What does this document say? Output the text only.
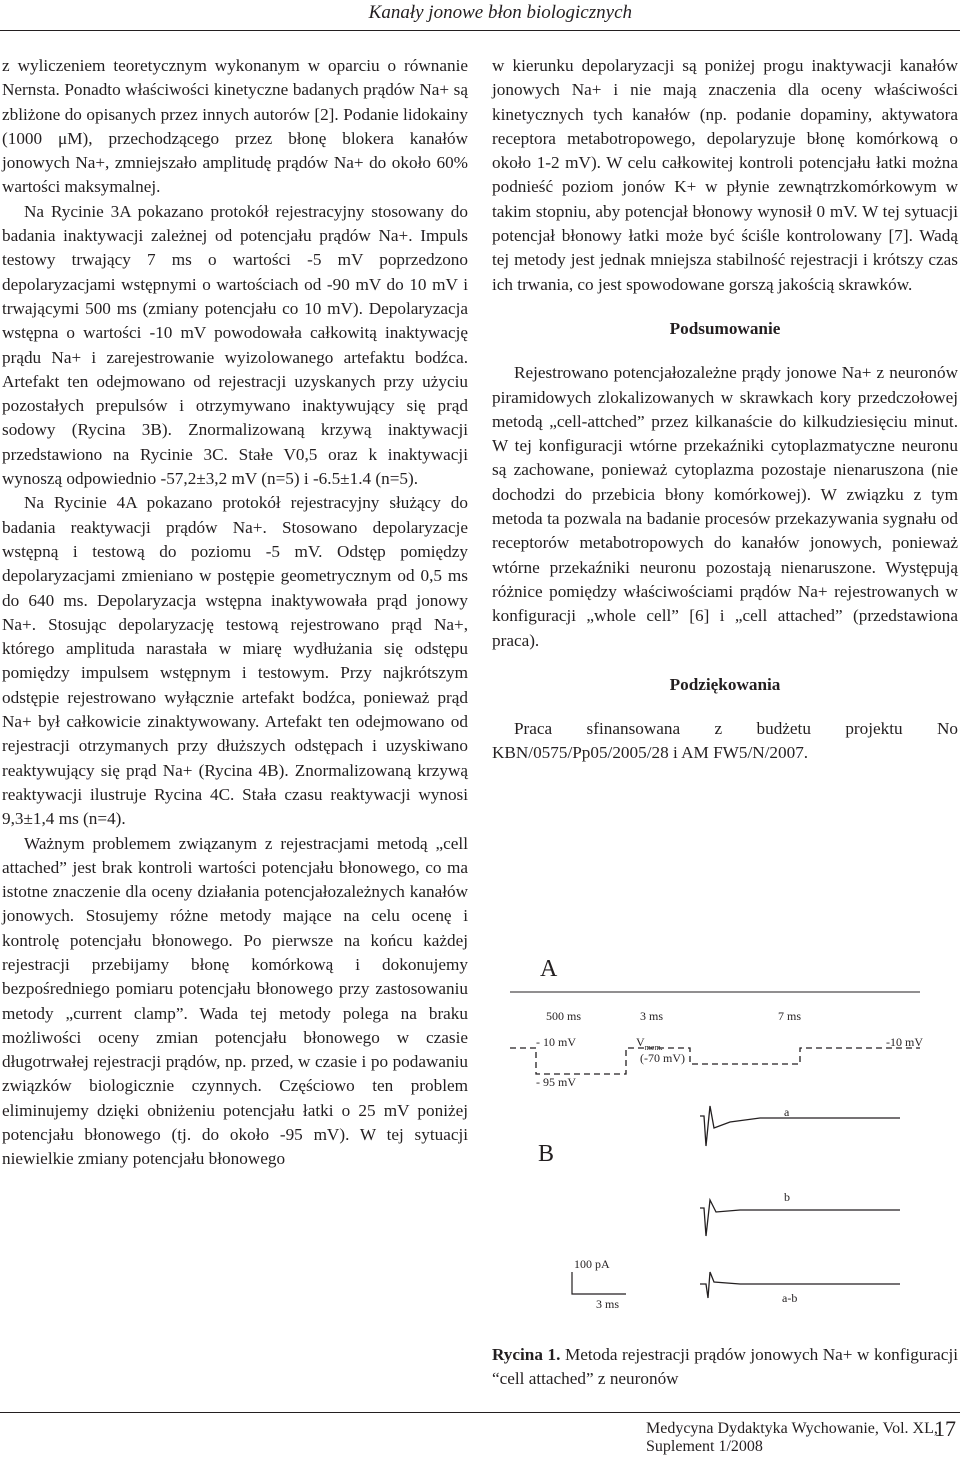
Kanały jonowe błon biologicznych

z wyliczeniem teoretycznym wykonanym w oparciu o równanie Nernsta. Ponadto właściwości kinetyczne badanych prądów Na+ są zbliżone do opisanych przez innych autorów [2]. Podanie lidokainy (1000 μM), przechodzącego przez błonę blokera kanałów jonowych Na+, zmniejszało amplitudę prądów Na+ do około 60% wartości maksymalnej.

Na Rycinie 3A pokazano protokół rejestracyjny stosowany do badania inaktywacji zależnej od potencjału prądów Na+. Impuls testowy trwający 7 ms o wartości -5 mV poprzedzono depolaryzacjami wstępnymi o wartościach od -90 mV do 10 mV i trwającymi 500 ms (zmiany potencjału co 10 mV). Depolaryzacja wstępna o wartości -10 mV powodowała całkowitą inaktywację prądu Na+ i zarejestrowanie wyizolowanego artefaktu bodźca. Artefakt ten odejmowano od rejestracji uzyskanych przy użyciu pozostałych prepulsów i otrzymywano inaktywujący się prąd sodowy (Rycina 3B). Znormalizowaną krzywą inaktywacji przedstawiono na Rycinie 3C. Stałe V0,5 oraz k inaktywacji wynoszą odpowiednio -57,2±3,2 mV (n=5) i -6.5±1.4 (n=5).

Na Rycinie 4A pokazano protokół rejestracyjny służący do badania reaktywacji prądów Na+. Stosowano depolaryzacje wstępną i testową do poziomu -5 mV. Odstęp pomiędzy depolaryzacjami zmieniano w postępie geometrycznym od 0,5 ms do 640 ms. Depolaryzacja wstępna inaktywowała prąd jonowy Na+. Stosując depolaryzację testową rejestrowano prąd Na+, którego amplituda narastała w miarę wydłużania się odstępu pomiędzy impulsem wstępnym i testowym. Przy najkrótszym odstępie rejestrowano wyłącznie artefakt bodźca, ponieważ prąd Na+ był całkowicie zinaktywowany. Artefakt ten odejmowano od rejestracji otrzymanych przy dłuższych odstępach i uzyskiwano reaktywujący się prąd Na+ (Rycina 4B). Znormalizowaną krzywą reaktywacji ilustruje Rycina 4C. Stała czasu reaktywacji wynosi 9,3±1,4 ms (n=4).

Ważnym problemem związanym z rejestracjami metodą „cell attached” jest brak kontroli wartości potencjału błonowego, co ma istotne znaczenie dla oceny działania potencjałozależnych kanałów jonowych. Stosujemy różne metody mające na celu ocenę i kontrolę potencjału błonowego. Po pierwsze na końcu każdej rejestracji przebijamy błonę komórkową i dokonujemy bezpośredniego pomiaru potencjału błonowego przy zastosowaniu metody „current clamp”. Wada tej metody polega na braku możliwości oceny zmian potencjału błonowego w czasie długotrwałej rejestracji prądów, np. przed, w czasie i po podawaniu związków biologicznie czynnych. Częściowo ten problem eliminujemy dzięki obniżeniu potencjału łatki o 25 mV poniżej potencjału błonowego (tj. do około -95 mV). W tej sytuacji niewielkie zmiany potencjału błonowego

w kierunku depolaryzacji są poniżej progu inaktywacji kanałów jonowych Na+ i nie mają znaczenia dla oceny właściwości kinetycznych tych kanałów (np. podanie dopaminy, aktywatora receptora metabotropowego, depolaryzuje błonę komórkową o około 1-2 mV). W celu całkowitej kontroli potencjału łatki można podnieść poziom jonów K+ w płynie zewnątrzkomórkowym w takim stopniu, aby potencjał błonowy wynosił 0 mV. W tej sytuacji potencjał błonowy łatki może być ściśle kontrolowany [7]. Wadą tej metody jest jednak mniejsza stabilność rejestracji i krótszy czas ich trwania, co jest spowodowane gorszą jakością skrawków.

Podsumowanie

Rejestrowano potencjałozależne prądy jonowe Na+ z neuronów piramidowych zlokalizowanych w skrawkach kory przedczołowej metodą „cell-attched” przez kilkanaście do kilkudziesięciu minut. W tej konfiguracji wtórne przekaźniki cytoplazmatyczne neuronu są zachowane, ponieważ cytoplazma pozostaje nienaruszona (nie dochodzi do przebicia błony komórkowej). W związku z tym metoda ta pozwala na badanie procesów przekazywania sygnału od receptorów metabotropowych do kanałów jonowych, ponieważ wtórne przekaźniki neuronu pozostają nienaruszone. Występują różnice pomiędzy właściwościami prądów Na+ rejestrowanych w konfiguracji „whole cell” [6] i „cell attached” (przedstawiona praca).

Podziękowania

Praca sfinansowana z budżetu projektu No KBN/0575/Pp05/2005/28 i AM FW5/N/2007.

A
B
500 ms	3 ms	7 ms
- 10 mV
- 95 mV
-10 mV
$V_{mem.}$
(-70 mV)
a
b
a-b
100 pA
3 ms
Rycina 1. Metoda rejestracji prądów jonowych Na+ w konfiguracji “cell attached” z neuronów
Medycyna Dydaktyka Wychowanie, Vol. XL, Suplement 1/2008
17
